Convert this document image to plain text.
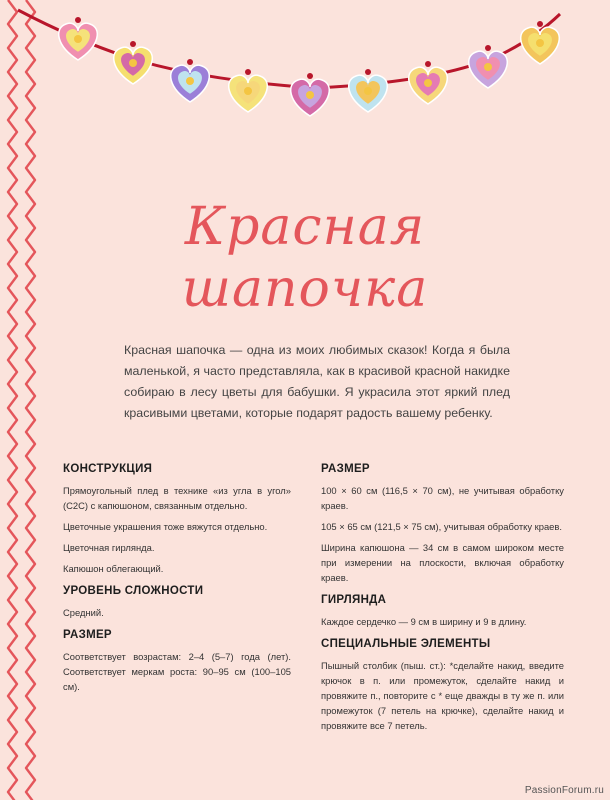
Красная
шапочка

Красная шапочка — одна из моих любимых сказок! Когда я была маленькой, я часто представляла, как в красивой красной накидке собираю в лесу цветы для бабушки. Я украсила этот яркий плед красивыми цветами, которые подарят радость вашему ребенку.

КОНСТРУКЦИЯ

Прямоугольный плед в технике «из угла в угол» (C2C) с капюшоном, связанным отдельно.

Цветочные украшения тоже вяжутся отдельно.

Цветочная гирлянда.

Капюшон облегающий.

УРОВЕНЬ СЛОЖНОСТИ

Средний.

РАЗМЕР

Соответствует возрастам: 2–4 (5–7) года (лет). Соответствует меркам роста: 90–95 см (100–105 см).

РАЗМЕР

100 × 60 см (116,5 × 70 см), не учитывая обработку краев.

105 × 65 см (121,5 × 75 см), учитывая обработку краев.

Ширина капюшона — 34 см в самом широком месте при измерении на плоскости, включая обработку краев.

ГИРЛЯНДА

Каждое сердечко — 9 см в ширину и 9 в длину.

СПЕЦИАЛЬНЫЕ ЭЛЕМЕНТЫ

Пышный столбик (пыш. ст.): *сделайте накид, введите крючок в п. или промежуток, сделайте накид и провяжите п., повторите с * еще дважды в ту же п. или промежуток (7 петель на крючке), сделайте накид и провяжите все 7 петель.

PassionForum.ru
